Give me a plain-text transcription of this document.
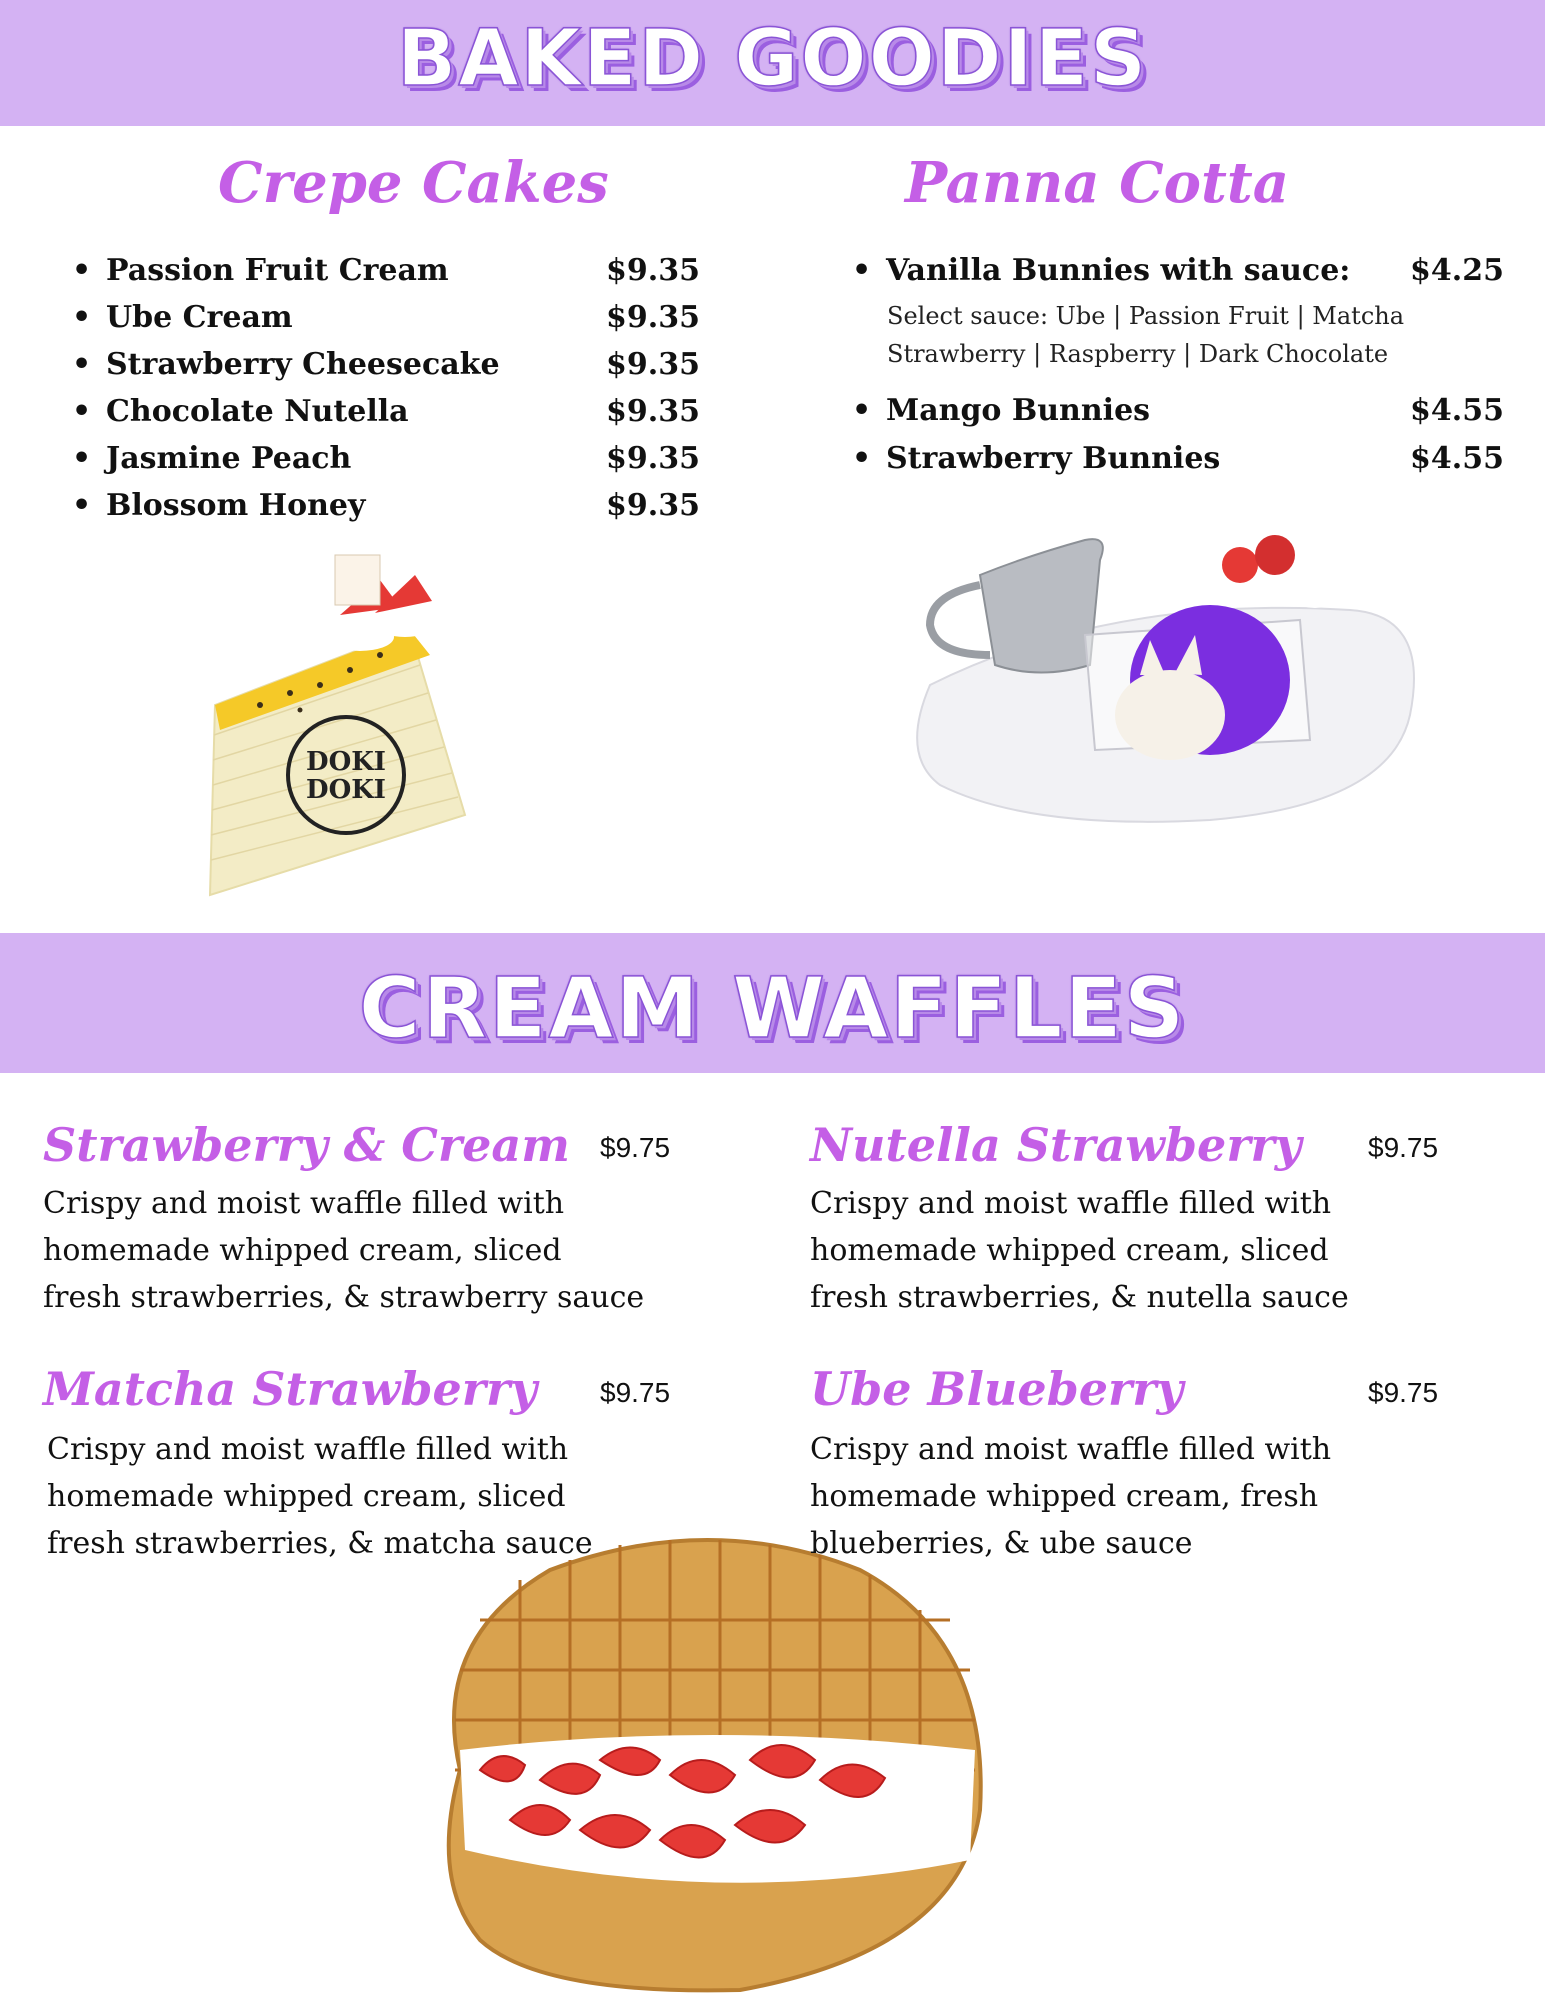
BAKED GOODIES
Crepe Cakes
• Passion Fruit Cream	$9.35
• Ube Cream	$9.35
• Strawberry Cheesecake	$9.35
• Chocolate Nutella	$9.35
• Jasmine Peach	$9.35
• Blossom Honey	$9.35
DOKI
DOKI
Panna Cotta
• Vanilla Bunnies with sauce: $4.25
Select sauce: Ube | Passion Fruit | Matcha
Strawberry | Raspberry | Dark Chocolate
• Mango Bunnies	$4.55
• Strawberry Bunnies	$4.55
CREAM WAFFLES
Strawberry & Cream $9.75
Crispy and moist waffle filled with
homemade whipped cream, sliced
fresh strawberries, & strawberry sauce
Nutella Strawberry $9.75
Crispy and moist waffle filled with
homemade whipped cream, sliced
fresh strawberries, & nutella sauce
Matcha Strawberry $9.75
Crispy and moist waffle filled with
homemade whipped cream, sliced
fresh strawberries, & matcha sauce
Ube Blueberry	$9.75
Crispy and moist waffle filled with
homemade whipped cream, fresh
blueberries, & ube sauce
